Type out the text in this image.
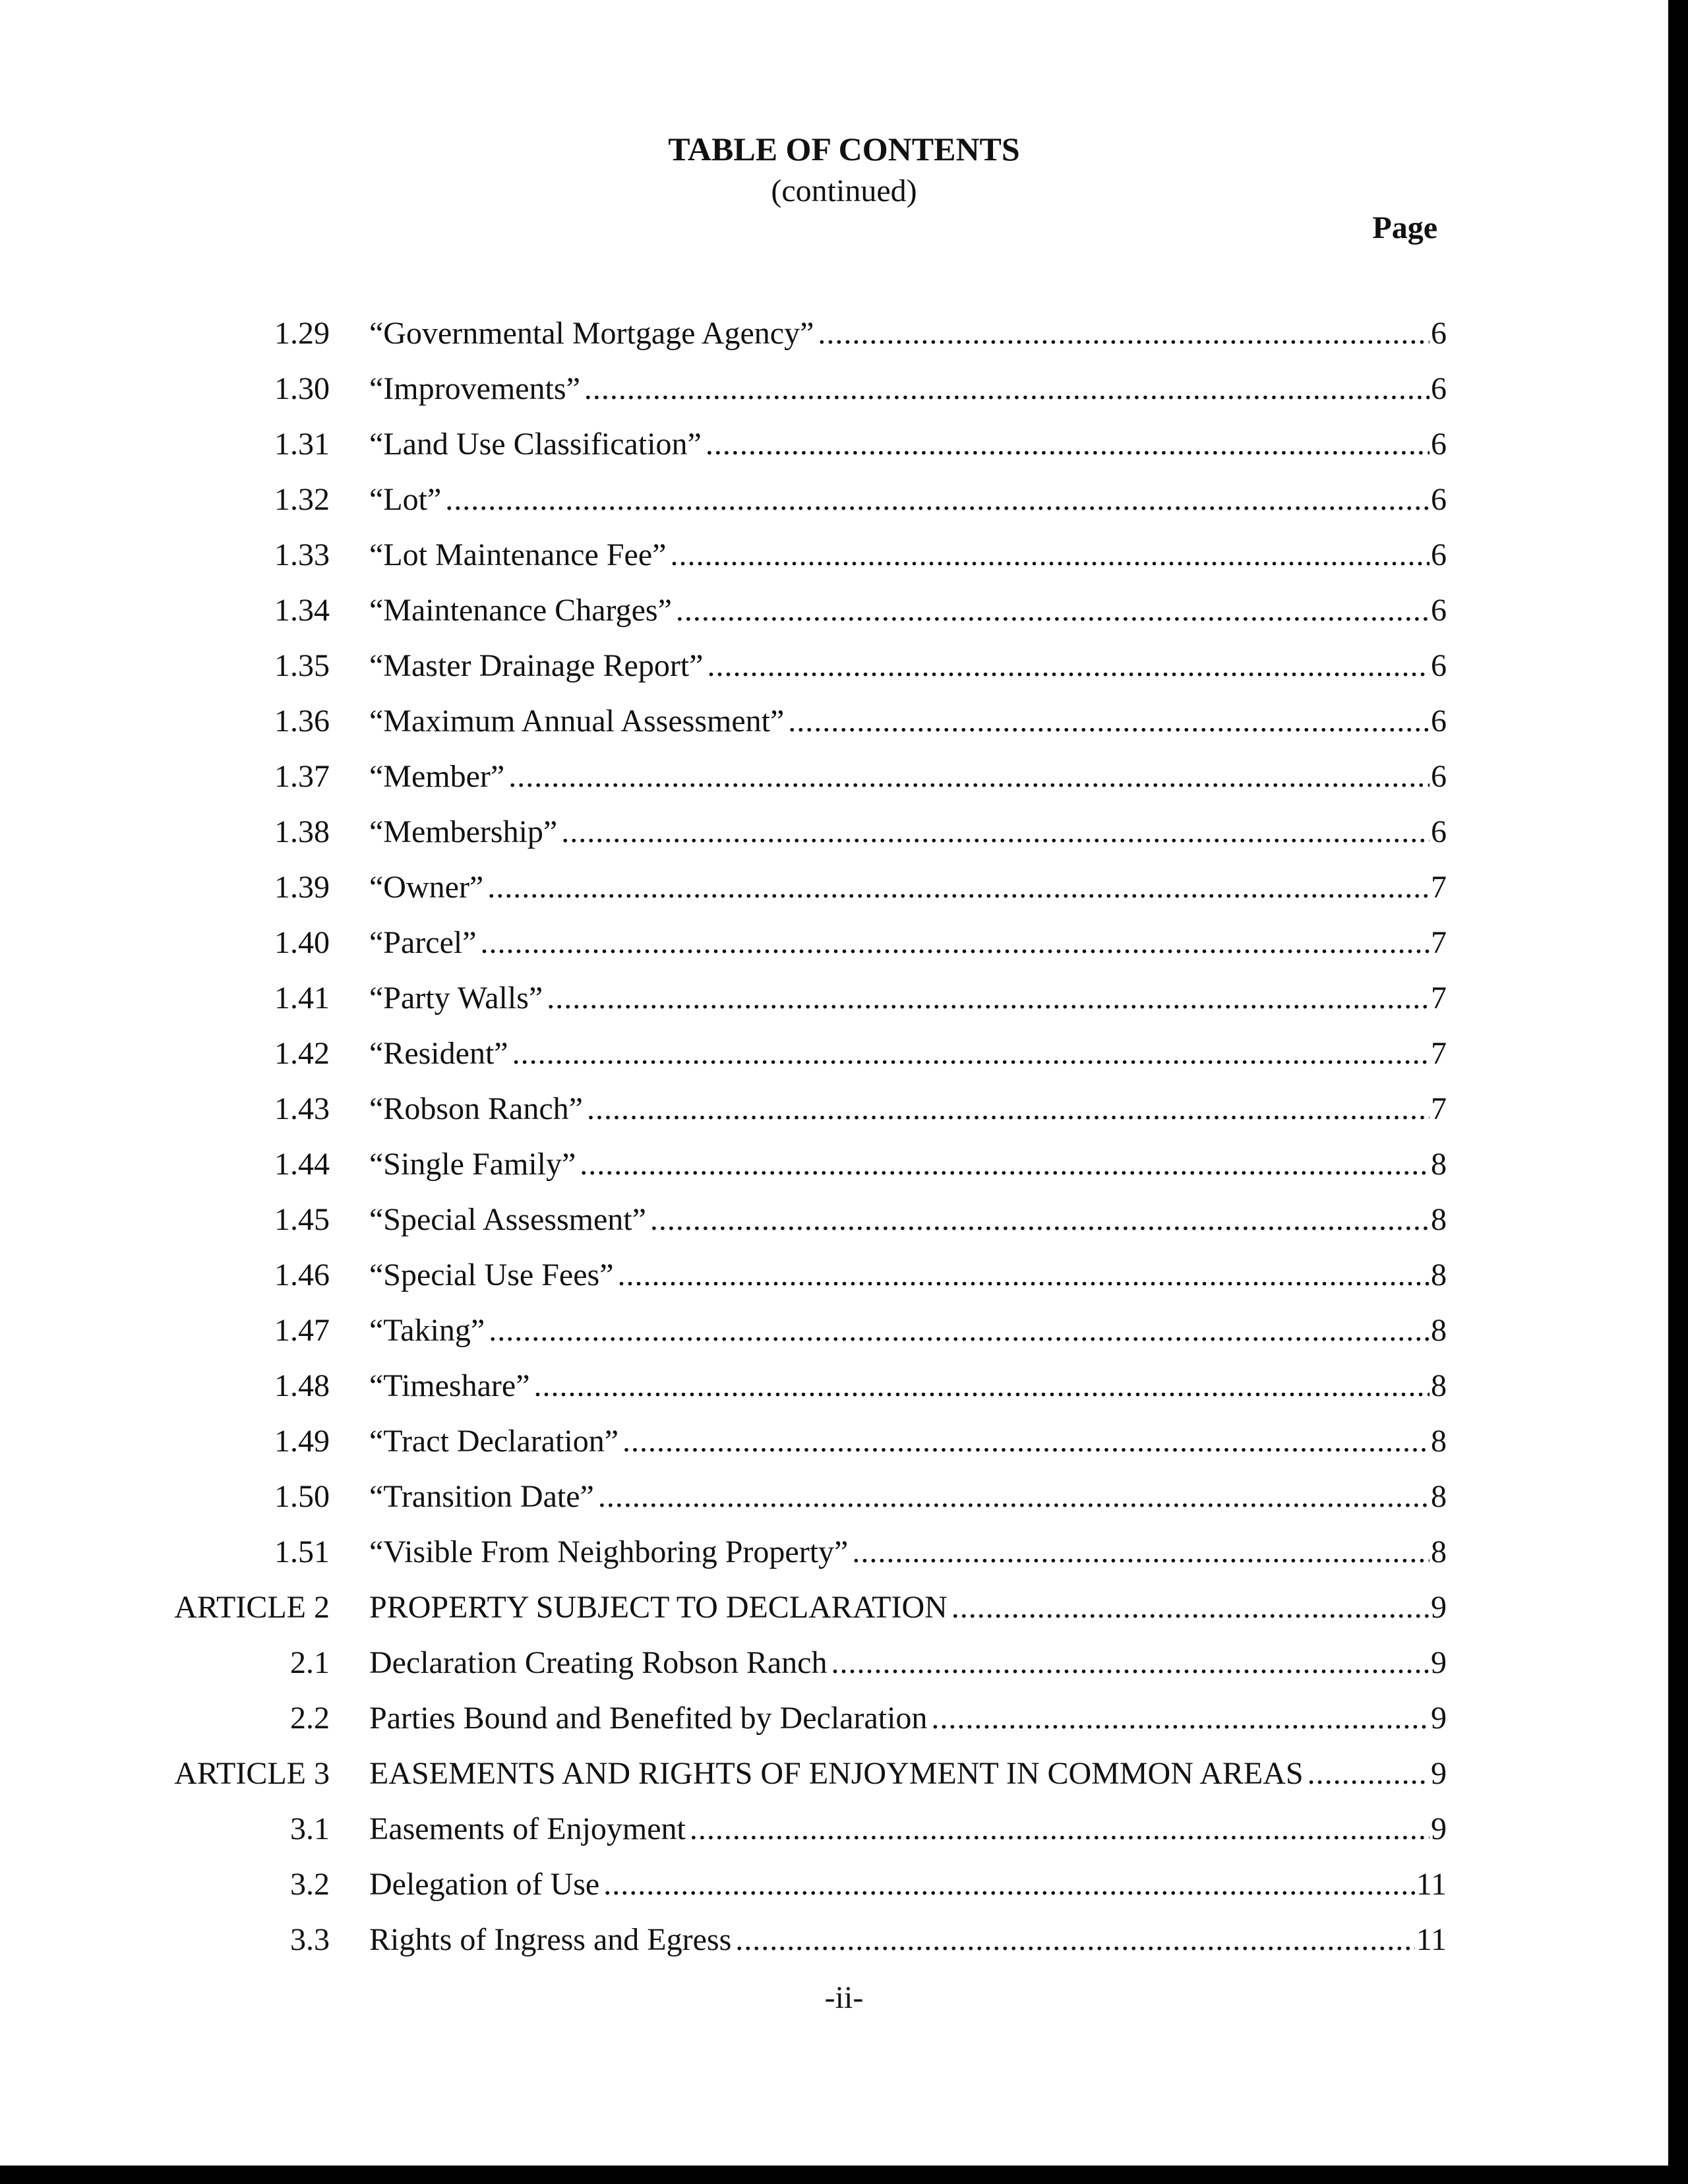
TABLE OF CONTENTS
(continued)
Page
1.29 “Governmental Mortgage Agency” .....	6
1.30 “Improvements” .....	6
1.31 “Land Use Classification” .....	6
1.32 “Lot” .....	6
1.33 “Lot Maintenance Fee” .....	6
1.34 “Maintenance Charges” .....	6
1.35 “Master Drainage Report” .....	6
1.36 “Maximum Annual Assessment” .....	6
1.37 “Member” .....	6
1.38 “Membership” .....	6
1.39 “Owner” .....	7
1.40 “Parcel” .....	7
1.41 “Party Walls” .....	7
1.42 “Resident” .....	7
1.43 “Robson Ranch” .....	7
1.44 “Single Family” .....	8
1.45 “Special Assessment” .....	8
1.46 “Special Use Fees” .....	8
1.47 “Taking” .....	8
1.48 “Timeshare” .....	8
1.49 “Tract Declaration” .....	8
1.50 “Transition Date” .....	8
1.51 “Visible From Neighboring Property” .....	8
ARTICLE 2 PROPERTY SUBJECT TO DECLARATION .....	9
2.1 Declaration Creating Robson Ranch .....	9
2.2 Parties Bound and Benefited by Declaration .....	9
ARTICLE 3 EASEMENTS AND RIGHTS OF ENJOYMENT IN COMMON AREAS .....	9
3.1 Easements of Enjoyment .....	9
3.2 Delegation of Use .....	11
3.3 Rights of Ingress and Egress .....	11
-ii-
